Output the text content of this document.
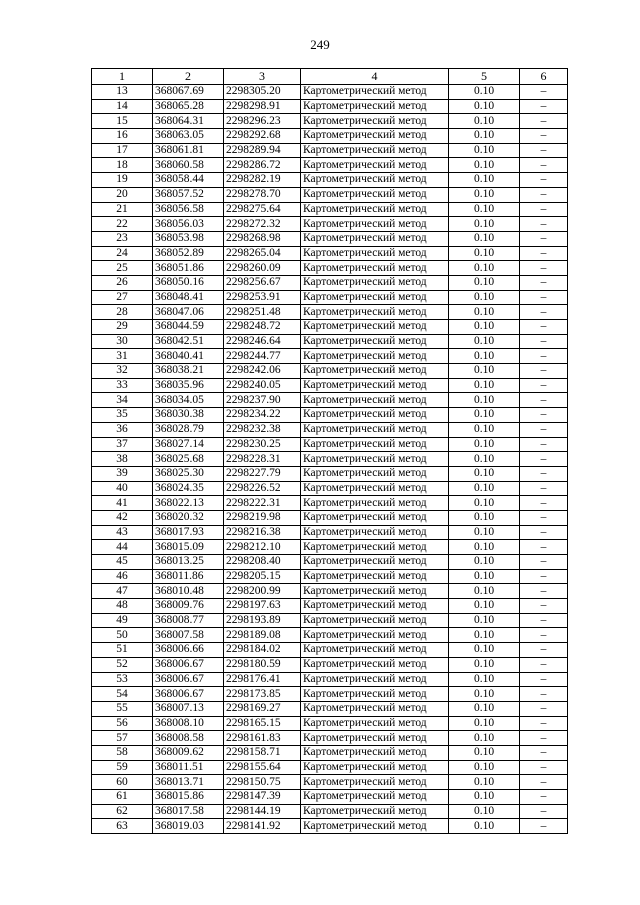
249
1	2	3	4	5	6
13	368067.69	2298305.20	Картометрический метод	0.10	–
14	368065.28	2298298.91	Картометрический метод	0.10	–
15	368064.31	2298296.23	Картометрический метод	0.10	–
16	368063.05	2298292.68	Картометрический метод	0.10	–
17	368061.81	2298289.94	Картометрический метод	0.10	–
18	368060.58	2298286.72	Картометрический метод	0.10	–
19	368058.44	2298282.19	Картометрический метод	0.10	–
20	368057.52	2298278.70	Картометрический метод	0.10	–
21	368056.58	2298275.64	Картометрический метод	0.10	–
22	368056.03	2298272.32	Картометрический метод	0.10	–
23	368053.98	2298268.98	Картометрический метод	0.10	–
24	368052.89	2298265.04	Картометрический метод	0.10	–
25	368051.86	2298260.09	Картометрический метод	0.10	–
26	368050.16	2298256.67	Картометрический метод	0.10	–
27	368048.41	2298253.91	Картометрический метод	0.10	–
28	368047.06	2298251.48	Картометрический метод	0.10	–
29	368044.59	2298248.72	Картометрический метод	0.10	–
30	368042.51	2298246.64	Картометрический метод	0.10	–
31	368040.41	2298244.77	Картометрический метод	0.10	–
32	368038.21	2298242.06	Картометрический метод	0.10	–
33	368035.96	2298240.05	Картометрический метод	0.10	–
34	368034.05	2298237.90	Картометрический метод	0.10	–
35	368030.38	2298234.22	Картометрический метод	0.10	–
36	368028.79	2298232.38	Картометрический метод	0.10	–
37	368027.14	2298230.25	Картометрический метод	0.10	–
38	368025.68	2298228.31	Картометрический метод	0.10	–
39	368025.30	2298227.79	Картометрический метод	0.10	–
40	368024.35	2298226.52	Картометрический метод	0.10	–
41	368022.13	2298222.31	Картометрический метод	0.10	–
42	368020.32	2298219.98	Картометрический метод	0.10	–
43	368017.93	2298216.38	Картометрический метод	0.10	–
44	368015.09	2298212.10	Картометрический метод	0.10	–
45	368013.25	2298208.40	Картометрический метод	0.10	–
46	368011.86	2298205.15	Картометрический метод	0.10	–
47	368010.48	2298200.99	Картометрический метод	0.10	–
48	368009.76	2298197.63	Картометрический метод	0.10	–
49	368008.77	2298193.89	Картометрический метод	0.10	–
50	368007.58	2298189.08	Картометрический метод	0.10	–
51	368006.66	2298184.02	Картометрический метод	0.10	–
52	368006.67	2298180.59	Картометрический метод	0.10	–
53	368006.67	2298176.41	Картометрический метод	0.10	–
54	368006.67	2298173.85	Картометрический метод	0.10	–
55	368007.13	2298169.27	Картометрический метод	0.10	–
56	368008.10	2298165.15	Картометрический метод	0.10	–
57	368008.58	2298161.83	Картометрический метод	0.10	–
58	368009.62	2298158.71	Картометрический метод	0.10	–
59	368011.51	2298155.64	Картометрический метод	0.10	–
60	368013.71	2298150.75	Картометрический метод	0.10	–
61	368015.86	2298147.39	Картометрический метод	0.10	–
62	368017.58	2298144.19	Картометрический метод	0.10	–
63	368019.03	2298141.92	Картометрический метод	0.10	–
